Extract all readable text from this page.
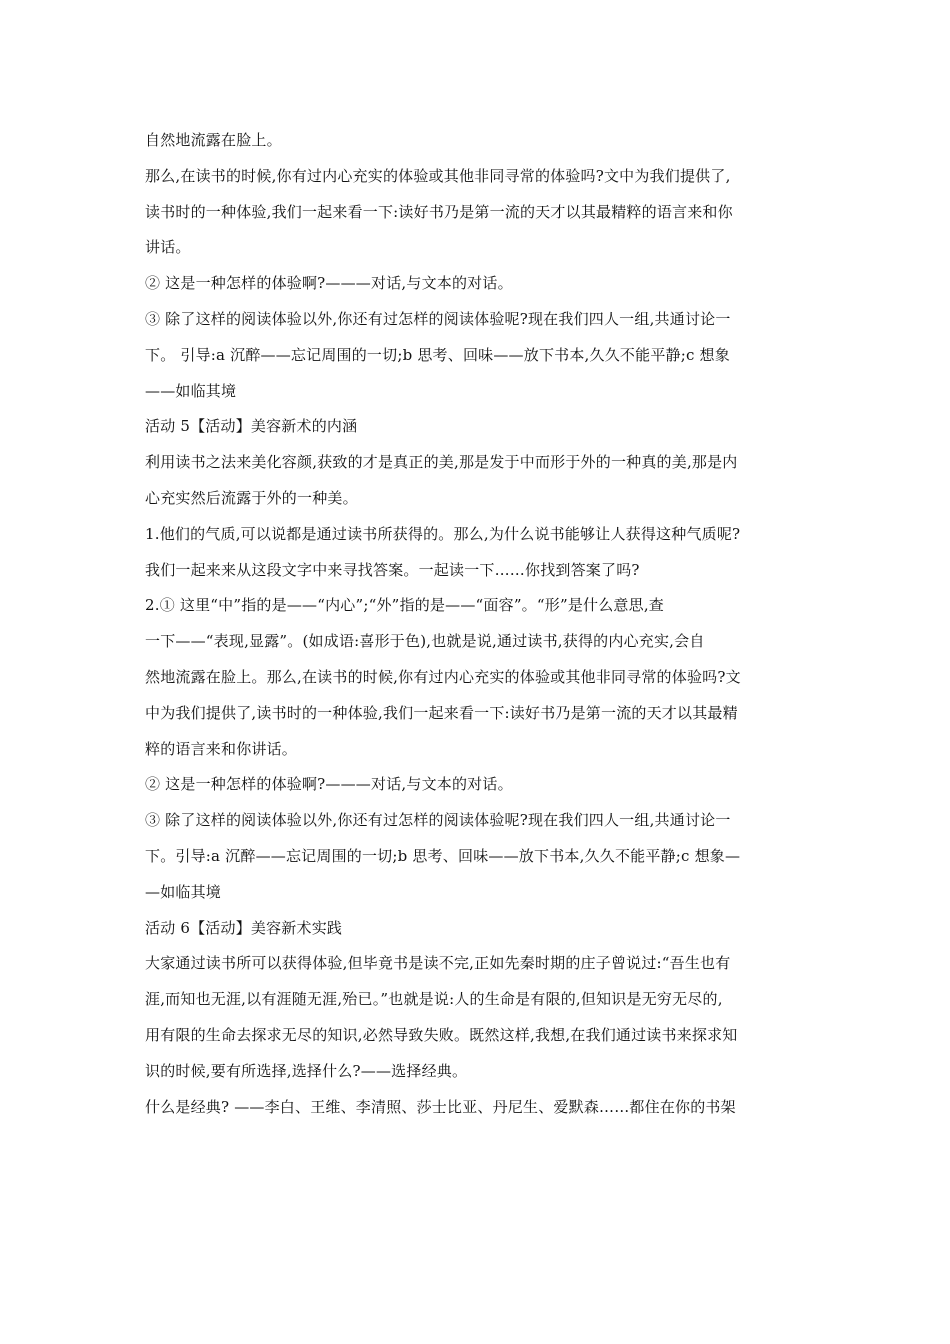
自然地流露在脸上。
那么,在读书的时候,你有过内心充实的体验或其他非同寻常的体验吗?文中为我们提供了,
读书时的一种体验,我们一起来看一下:读好书乃是第一流的天才以其最精粹的语言来和你
讲话。
② 这是一种怎样的体验啊?———对话,与文本的对话。
③ 除了这样的阅读体验以外,你还有过怎样的阅读体验呢?现在我们四人一组,共通讨论一
下。 引导:a 沉醉——忘记周围的一切;b 思考、回味——放下书本,久久不能平静;c 想象
——如临其境
活动 5【活动】美容新术的内涵
利用读书之法来美化容颜,获致的才是真正的美,那是发于中而形于外的一种真的美,那是内
心充实然后流露于外的一种美。
1.他们的气质,可以说都是通过读书所获得的。那么,为什么说书能够让人获得这种气质呢?
我们一起来来从这段文字中来寻找答案。一起读一下……你找到答案了吗?
2.① 这里“中”指的是——“内心”;“外”指的是——“面容”。“形”是什么意思,查
一下——“表现,显露”。(如成语:喜形于色),也就是说,通过读书,获得的内心充实,会自
然地流露在脸上。那么,在读书的时候,你有过内心充实的体验或其他非同寻常的体验吗?文
中为我们提供了,读书时的一种体验,我们一起来看一下:读好书乃是第一流的天才以其最精
粹的语言来和你讲话。
② 这是一种怎样的体验啊?———对话,与文本的对话。
③ 除了这样的阅读体验以外,你还有过怎样的阅读体验呢?现在我们四人一组,共通讨论一
下。引导:a 沉醉——忘记周围的一切;b 思考、回味——放下书本,久久不能平静;c 想象—
—如临其境
活动 6【活动】美容新术实践
大家通过读书所可以获得体验,但毕竟书是读不完,正如先秦时期的庄子曾说过:“吾生也有
涯,而知也无涯,以有涯随无涯,殆已。”也就是说:人的生命是有限的,但知识是无穷无尽的,
用有限的生命去探求无尽的知识,必然导致失败。既然这样,我想,在我们通过读书来探求知
识的时候,要有所选择,选择什么?——选择经典。
什么是经典? ——李白、王维、李清照、莎士比亚、丹尼生、爱默森……都住在你的书架
